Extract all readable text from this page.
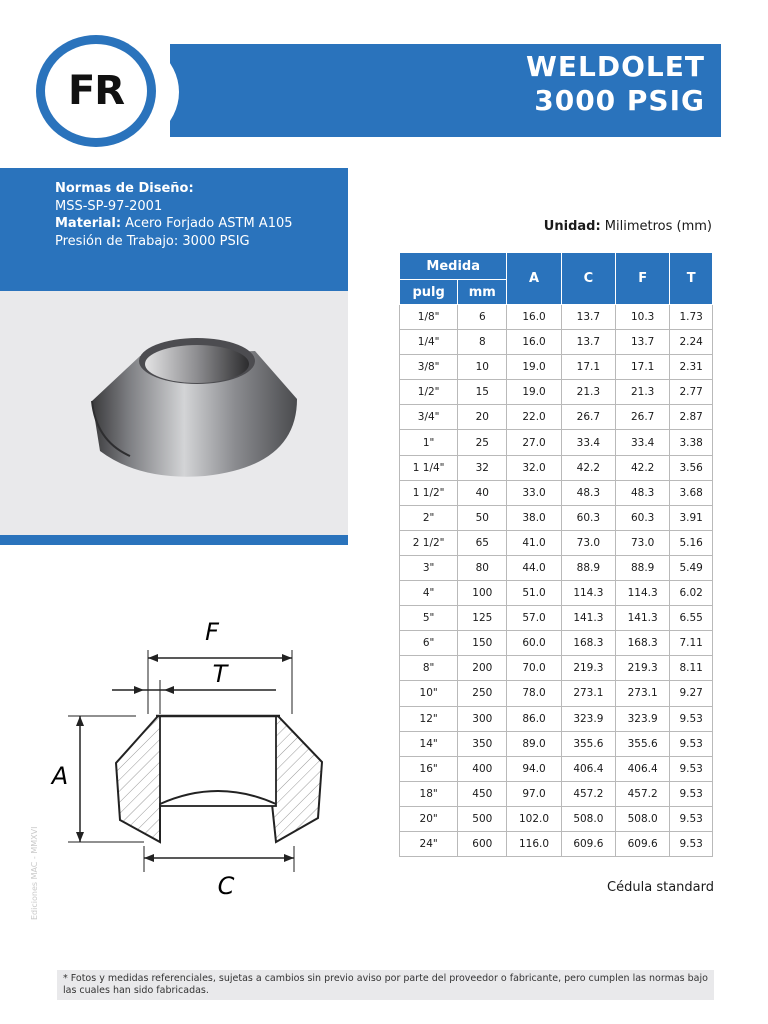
WELDOLET
3000 PSIG
FR
Normas de Diseño:
MSS-SP-97-2001
Material: Acero Forjado ASTM A105
Presión de Trabajo: 3000 PSIG
Unidad: Milimetros (mm)
Medida		A	C	F	T
pulg	mm				
1/8"	6	16.0	13.7	10.3	1.73
1/4"	8	16.0	13.7	13.7	2.24
3/8"	10	19.0	17.1	17.1	2.31
1/2"	15	19.0	21.3	21.3	2.77
3/4"	20	22.0	26.7	26.7	2.87
1"	25	27.0	33.4	33.4	3.38
1 1/4"	32	32.0	42.2	42.2	3.56
1 1/2"	40	33.0	48.3	48.3	3.68
2"	50	38.0	60.3	60.3	3.91
2 1/2"	65	41.0	73.0	73.0	5.16
3"	80	44.0	88.9	88.9	5.49
4"	100	51.0	114.3	114.3	6.02
5"	125	57.0	141.3	141.3	6.55
6"	150	60.0	168.3	168.3	7.11
8"	200	70.0	219.3	219.3	8.11
10"	250	78.0	273.1	273.1	9.27
12"	300	86.0	323.9	323.9	9.53
14"	350	89.0	355.6	355.6	9.53
16"	400	94.0	406.4	406.4	9.53
18"	450	97.0	457.2	457.2	9.53
20"	500	102.0	508.0	508.0	9.53
24"	600	116.0	609.6	609.6	9.53
F
T
A
C	Cédula standard
Ediciones MAC - MMXVI
* Fotos y medidas referenciales, sujetas a cambios sin previo aviso por parte del proveedor o fabricante, pero cumplen las normas bajo las cuales han sido fabricadas.
